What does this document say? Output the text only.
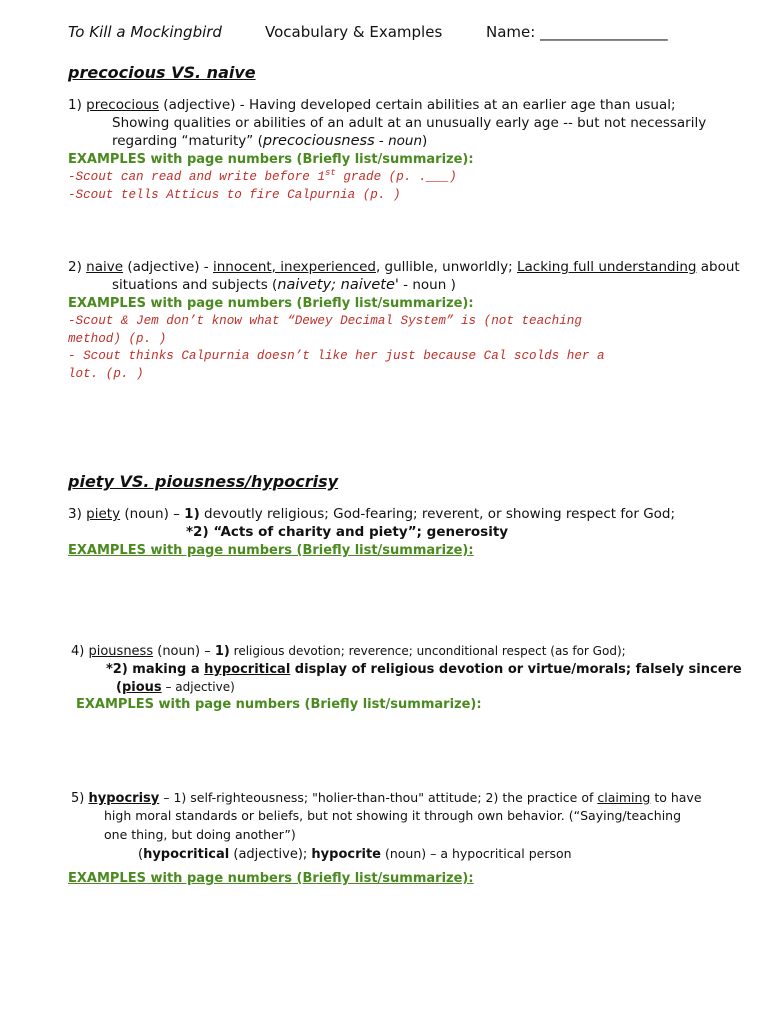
To Kill a Mockingbird	Vocabulary & Examples	Name: _________________
precocious VS. naive
1) precocious (adjective) - Having developed certain abilities at an earlier age than usual;
Showing qualities or abilities of an adult at an unusually early age -- but not necessarily
regarding “maturity” (precociousness - noun)
EXAMPLES with page numbers (Briefly list/summarize):
-Scout can read and write before 1st grade (p. .___)
-Scout tells Atticus to fire Calpurnia (p. )
2) naive (adjective) - innocent, inexperienced, gullible, unworldly; Lacking full understanding about
situations and subjects (naivety; naivete' - noun )
EXAMPLES with page numbers (Briefly list/summarize):
-Scout & Jem don’t know what “Dewey Decimal System” is (not teaching
method) (p. )
- Scout thinks Calpurnia doesn’t like her just because Cal scolds her a
lot. (p. )
piety VS. piousness/hypocrisy
3) piety (noun) – 1) devoutly religious; God-fearing; reverent, or showing respect for God;
*2) “Acts of charity and piety”; generosity
EXAMPLES with page numbers (Briefly list/summarize):
4) piousness (noun) – 1) religious devotion; reverence; unconditional respect (as for God);
*2) making a hypocritical display of religious devotion or virtue/morals; falsely sincere
(pious – adjective)
EXAMPLES with page numbers (Briefly list/summarize):
5) hypocrisy – 1) self-righteousness; "holier-than-thou" attitude; 2) the practice of claiming to have
high moral standards or beliefs, but not showing it through own behavior. (“Saying/teaching
one thing, but doing another”)
(hypocritical (adjective); hypocrite (noun) – a hypocritical person
EXAMPLES with page numbers (Briefly list/summarize):
